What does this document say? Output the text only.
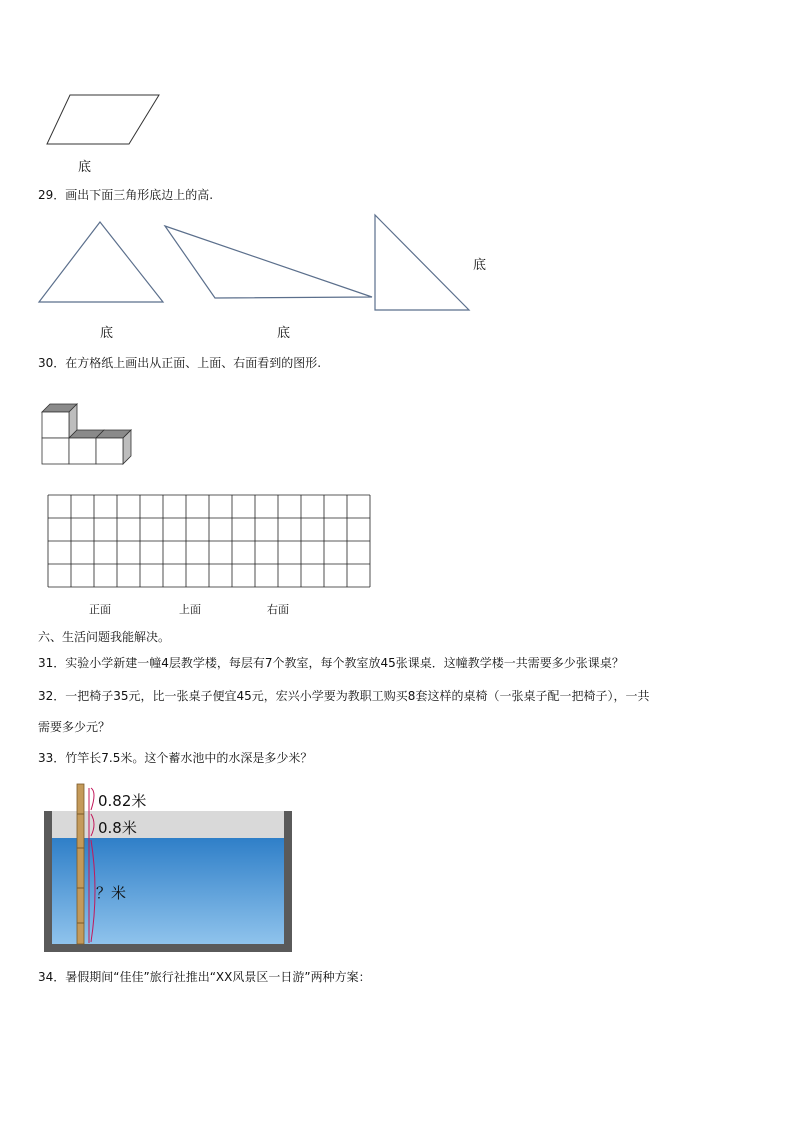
底
29．画出下面三角形底边上的高.
底	底
底
30．在方格纸上画出从正面、上面、右面看到的图形.
正面	上面	右面
六、生活问题我能解决。
31．实验小学新建一幢4层教学楼，每层有7个教室，每个教室放45张课桌．这幢教学楼一共需要多少张课桌？
32．一把椅子35元，比一张桌子便宜45元，宏兴小学要为教职工购买8套这样的桌椅（一张桌子配一把椅子），一共
需要多少元？
33．竹竿长7.5米。这个蓄水池中的水深是多少米？
0.82米
0.8米
？米
34．暑假期间“佳佳”旅行社推出“XX风景区一日游”两种方案：
